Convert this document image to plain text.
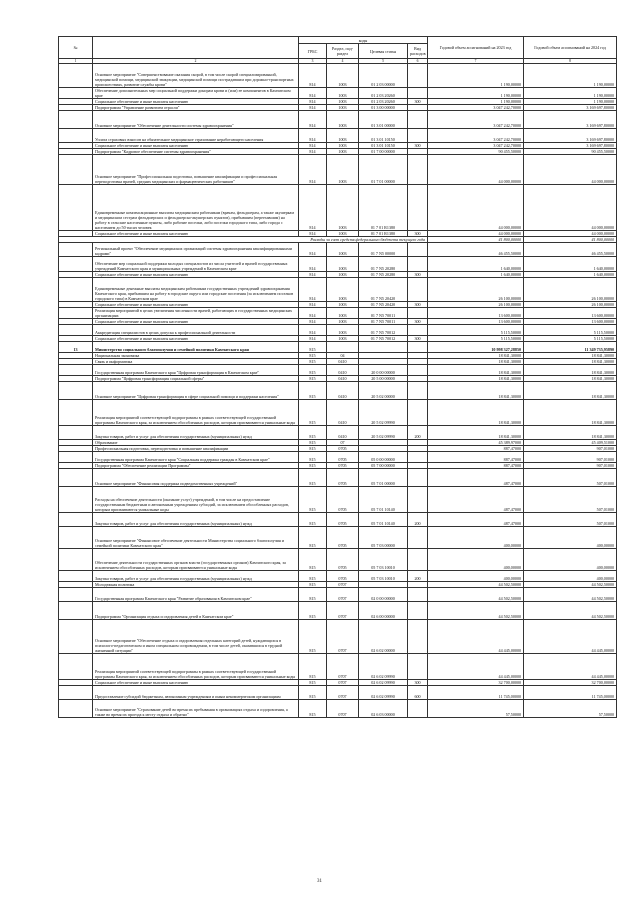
№		коды				Годовой объем ассигнований на 2023 год	Годовой объем ассигнований на 2024 год
		ГРБС	Раздел, под-раздел	Целевая статья	Вид расходов		
1	2	3	4	5	6	7	8
	Основное мероприятие "Совершенствование оказания скорой, в том числе скорой специализированной, медицинской помощи, медицинской эвакуации, медицинской помощи пострадавшим при дорожно-транспортных происшествиях, развитие службы крови"	814	1003	01 2 03 00000		1 190,00000	1 190,00000
	Обеспечение дополнительных мер социальной поддержки донорам крови и (или) ее компонентов в Камчатском крае	814	1003	01 2 03 20260		1 190,00000	1 190,00000
	Социальное обеспечение и иные выплаты населению	814	1003	01 2 03 20260	300	1 190,00000	1 190,00000
	Подпрограмма "Управление развитием отрасли"	814	1003	01 3 00 00000		3 047 242,70000	3 169 697,80000
	Основное мероприятие "Обеспечение деятельности системы здравоохранения"	814	1003	01 3 01 00000		3 047 242,70000	3 169 697,80000
	Уплата страховых взносов на обязательное медицинское страхование неработающего населения	814	1003	01 3 01 10150		3 047 242,70000	3 169 697,80000
	Социальное обеспечение и иные выплаты населению	814	1003	01 3 01 10150	300	3 047 242,70000	3 169 697,80000
	Подпрограмма "Кадровое обеспечение системы здравоохранения"	814	1003	01 7 00 00000		90 455,50000	90 455,50000
	Основное мероприятие "Профессиональная подготовка, повышение квалификации и профессиональная переподготовка врачей, средних медицинских и фармацевтических работников"	814	1003	01 7 01 00000		44 000,00000	44 000,00000
	Единовременные компенсационные выплаты медицинским работникам (врачам, фельдшерам, а также акушеркам и медицинским сестрам фельдшерских и фельдшерско-акушерских пунктов), прибывшим (переехавшим) на работу в сельские населенные пункты, либо рабочие поселки, либо поселки городского типа, либо города с населением до 50 тысяч человек	814	1003	01 7 01 R1380		44 000,00000	44 000,00000
	Социальное обеспечение и иные выплаты населению	814	1003	01 7 01 R1380	300	44 000,00000	44 000,00000
Расходы за счет средств федерального бюджета текущего года						41 800,00000	41 800,00000
	Региональный проект "Обеспечение медицинских организаций системы здравоохранения квалифицированными кадрами"	814	1003	01 7 N5 00000		46 455,50000	46 455,50000
	Обеспечение мер социальной поддержки молодых специалистов из числа учителей и врачей государственных учреждений Камчатского края и муниципальных учреждений в Камчатском крае	814	1003	01 7 N5 20280		1 640,00000	1 640,00000
	Социальное обеспечение и иные выплаты населению	814	1003	01 7 N5 20280	300	1 640,00000	1 640,00000
	Единовременные денежные выплаты медицинским работникам государственных учреждений здравоохранения Камчатского края, прибывшим на работу в городские округа или городские поселения (за исключением поселков городского типа) в Камчатском крае	814	1003	01 7 N5 20420		26 100,00000	26 100,00000
	Социальное обеспечение и иные выплаты населению	814	1003	01 7 N5 20420	300	26 100,00000	26 100,00000
	Реализация мероприятий в целях увеличения численности врачей, работающих в государственных медицинских организациях	814	1003	01 7 N5 70011		13 600,00000	13 600,00000
	Социальное обеспечение и иные выплаты населению	814	1003	01 7 N5 70011	300	13 600,00000	13 600,00000
	Аккредитация специалистов в целях допуска к профессиональной деятельности	814	1003	01 7 N5 70012		5 115,50000	5 115,50000
	Социальное обеспечение и иные выплаты населению	814	1003	01 7 N5 70012	300	5 115,50000	5 115,50000
13	Министерство социального благополучия и семейной политики Камчатского края	815				10 998 327,28850	11 349 735,95890
	Национальная экономика	815	04			18 841,30000	18 841,30000
	Связь и информатика	815	0410			18 841,30000	18 841,30000
	Государственная программа Камчатского края "Цифровая трансформация в Камчатском крае"	815	0410	20 0 00 00000		18 841,30000	18 841,30000
	Подпрограмма "Цифровая трансформация социальной сферы"	815	0410	20 5 00 00000		18 841,30000	18 841,30000
	Основное мероприятие "Цифровая трансформация в сфере социальной помощи и поддержки населения"	815	0410	20 5 02 00000		18 841,30000	18 841,30000
	Реализация мероприятий соответствующей подпрограммы в рамках соответствующей государственной программы Камчатского края, за исключением обособленных расходов, которым присваиваются уникальные коды	815	0410	20 5 02 09990		18 841,30000	18 841,30000
	Закупка товаров, работ и услуг для обеспечения государственных (муниципальных) нужд	815	0410	20 5 02 09990	200	18 841,30000	18 841,30000
	Образование	815	07			45 389,97000	45 409,51000
	Профессиональная подготовка, переподготовка и повышение квалификации	815	0705			887,47000	907,01000
	Государственная программа Камчатского края "Социальная поддержка граждан в Камчатском крае"	815	0705	05 0 00 00000		887,47000	907,01000
	Подпрограмма "Обеспечение реализации Программы"	815	0705	05 7 00 00000		887,47000	907,01000
	Основное мероприятие "Финансовая поддержка подведомственных учреждений"	815	0705	05 7 01 00000		487,47000	507,01000
	Расходы на обеспечение деятельности (оказание услуг) учреждений, в том числе на предоставление государственным бюджетным и автономным учреждениям субсидий, за исключением обособленных расходов, которым присваиваются уникальные коды	815	0705	05 7 01 10140		487,47000	507,01000
	Закупка товаров, работ и услуг для обеспечения государственных (муниципальных) нужд	815	0705	05 7 01 10140	200	487,47000	507,01000
	Основное мероприятие "Финансовое обеспечение деятельности Министерства социального благополучия и семейной политики Камчатского края"	815	0705	05 7 03 00000		400,00000	400,00000
	Обеспечение деятельности государственных органов власти (государственных органов) Камчатского края, за исключением обособленных расходов, которым присваиваются уникальные коды	815	0705	05 7 03 10010		400,00000	400,00000
	Закупка товаров, работ и услуг для обеспечения государственных (муниципальных) нужд	815	0705	05 7 03 10010	200	400,00000	400,00000
	Молодежная политика	815	0707			44 502,50000	44 502,50000
	Государственная программа Камчатского края "Развитие образования в Камчатском крае"	815	0707	02 0 00 00000		44 502,50000	44 502,50000
	Подпрограмма "Организация отдыха и оздоровления детей в Камчатском крае"	815	0707	02 6 00 00000		44 502,50000	44 502,50000
	Основное мероприятие "Обеспечение отдыха и оздоровления отдельных категорий детей, нуждающихся в психолого-педагогическом и ином специальном сопровождении, в том числе детей, оказавшихся в трудной жизненной ситуации"	815	0707	02 6 02 00000		44 445,00000	44 445,00000
	Реализация мероприятий соответствующей подпрограммы в рамках соответствующей государственной программы Камчатского края, за исключением обособленных расходов, которым присваиваются уникальные коды	815	0707	02 6 02 09990		44 445,00000	44 445,00000
	Социальное обеспечение и иные выплаты населению	815	0707	02 6 02 09990	300	32 700,00000	32 700,00000
	Предоставление субсидий бюджетным, автономным учреждениям и иным некоммерческим организациям	815	0707	02 6 02 09990	600	11 745,00000	11 745,00000
	Основное мероприятие "Страхование детей во время их пребывания в организациях отдыха и оздоровления, а также во время их проезда к месту отдыха и обратно"	815	0707	02 6 03 00000		57,50000	57,50000
31
